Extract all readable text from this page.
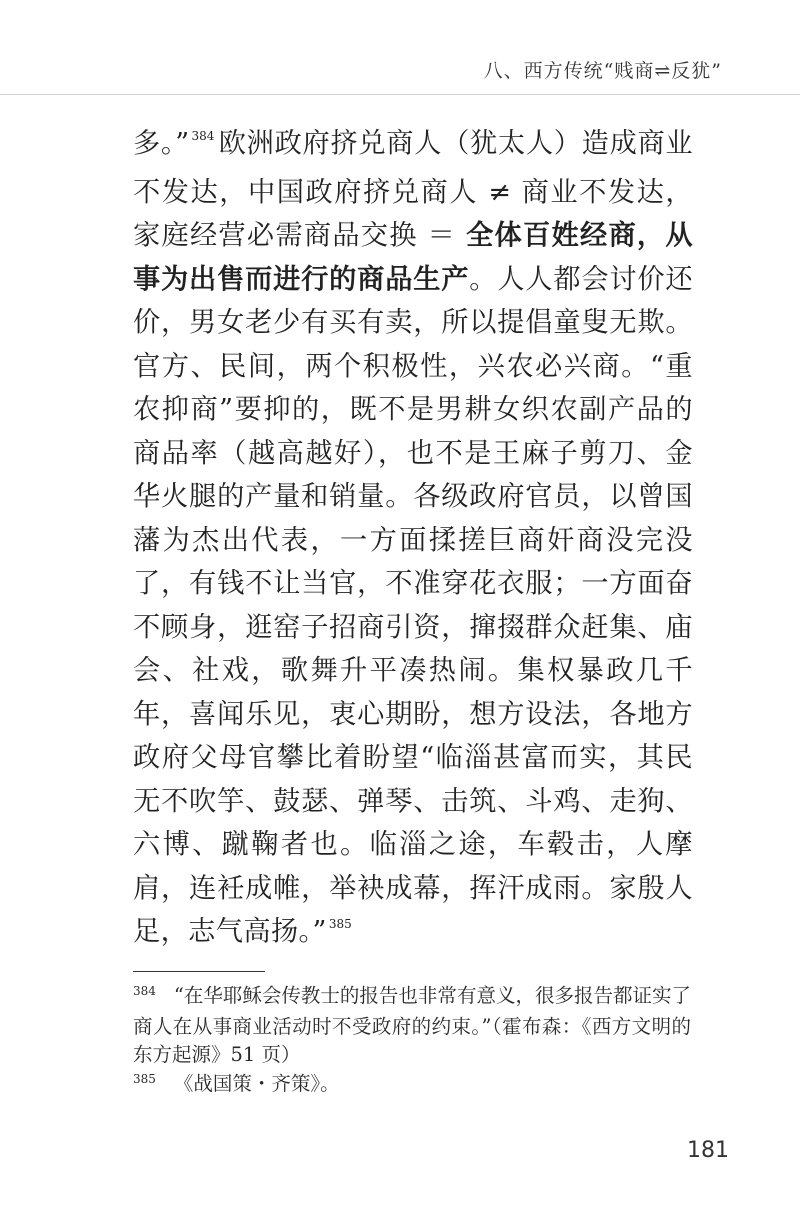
八、西方传统“贱商⇌反犹”
多。” $^{384}$ 欧洲政府挤兑商人（犹太人）造成商业不发达，中国政府挤兑商人 ≠ 商业不发达，家庭经营必需商品交换 ＝ 全体百姓经商，从事为出售而进行的商品生产。人人都会讨价还价，男女老少有买有卖，所以提倡童叟无欺。官方、民间，两个积极性，兴农必兴商。“重农抑商”要抑的，既不是男耕女织农副产品的商品率（越高越好），也不是王麻子剪刀、金华火腿的产量和销量。各级政府官员，以曾国藩为杰出代表，一方面揉搓巨商奸商没完没了，有钱不让当官，不准穿花衣服；一方面奋不顾身，逛窑子招商引资，撺掇群众赶集、庙会、社戏，歌舞升平凑热闹。集权暴政几千年，喜闻乐见，衷心期盼，想方设法，各地方政府父母官攀比着盼望“临淄甚富而实，其民无不吹竽、鼓瑟、弹琴、击筑、斗鸡、走狗、六博、蹴鞠者也。临淄之途，车毂击，人摩肩，连衽成帷，举袂成幕，挥汗成雨。家殷人足，志气高扬。” $^{385}$

$^{384}$ “在华耶稣会传教士的报告也非常有意义，很多报告都证实了商人在从事商业活动时不受政府的约束。”（霍布森：《西方文明的东方起源》51 页）

$^{385}$ 《战国策・齐策》。

181
